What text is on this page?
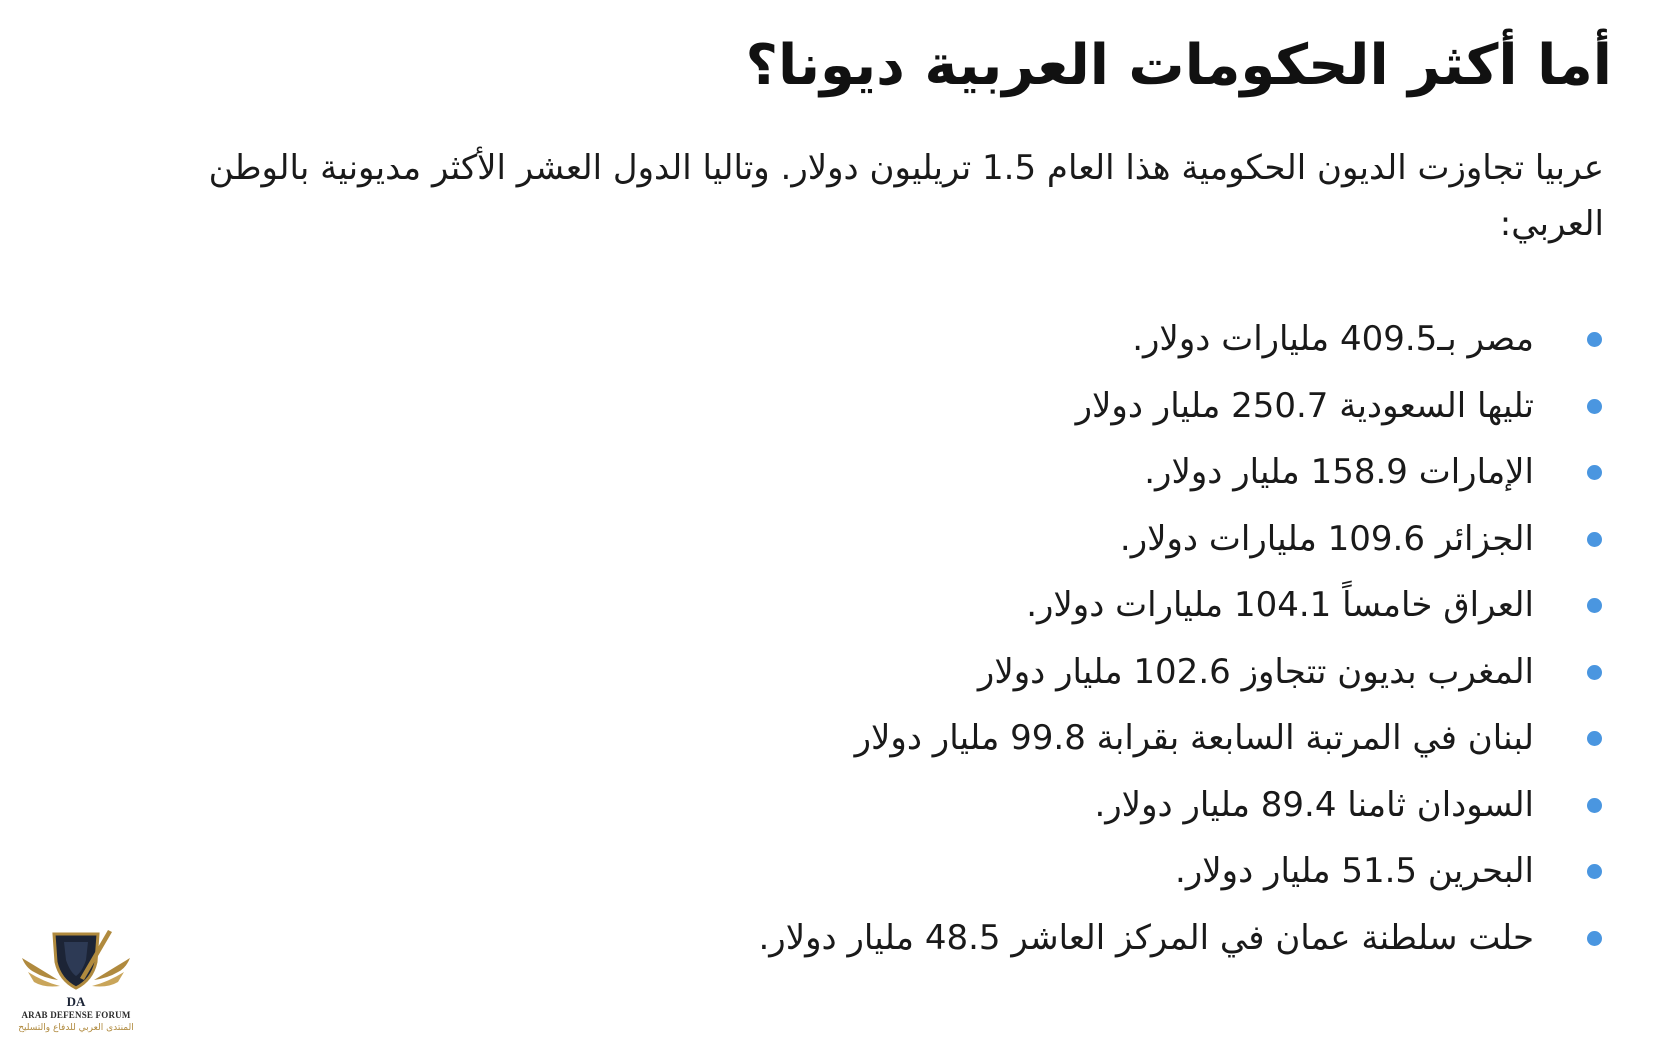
أما أكثر الحكومات العربية ديونا؟

عربيا تجاوزت الديون الحكومية هذا العام 1.5 تريليون دولار. وتاليا الدول العشر الأكثر مديونية بالوطن العربي:

مصر بـ409.5 مليارات دولار.
تليها السعودية 250.7 مليار دولار
الإمارات 158.9 مليار دولار.
الجزائر 109.6 مليارات دولار.
العراق خامساً 104.1 مليارات دولار.
المغرب بديون تتجاوز 102.6 مليار دولار
لبنان في المرتبة السابعة بقرابة 99.8 مليار دولار
السودان ثامنا 89.4 مليار دولار.
البحرين 51.5 مليار دولار.
حلت سلطنة عمان في المركز العاشر 48.5 مليار دولار.
DA
ARAB DEFENSE FORUM
المنتدى العربي للدفاع والتسليح
